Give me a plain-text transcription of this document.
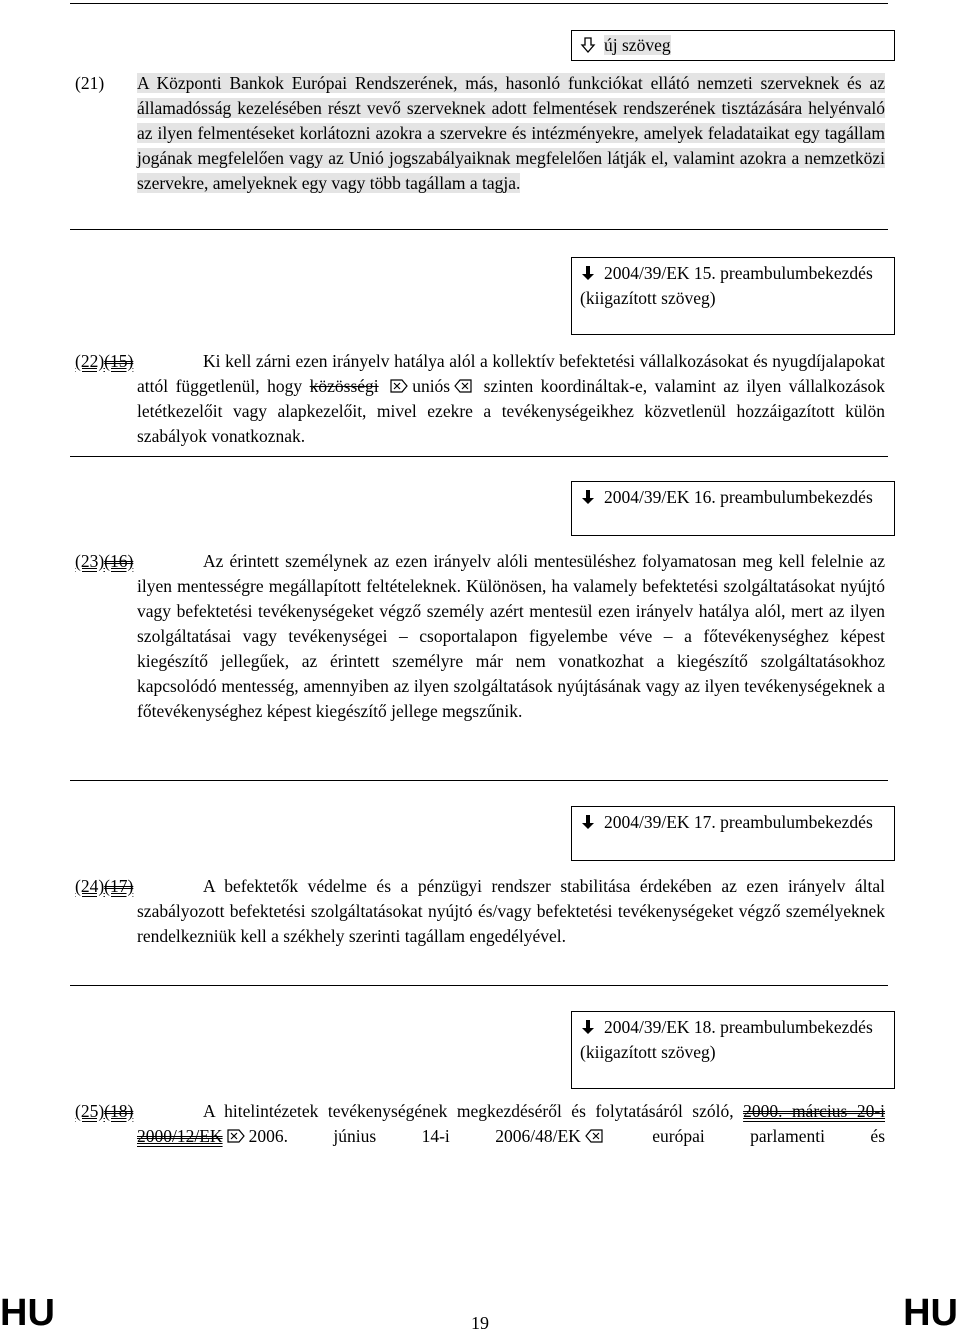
új szöveg
(21) A Központi Bankok Európai Rendszerének, más, hasonló funkciókat ellátó nemzeti szerveknek és az államadósság kezelésében részt vevő szerveknek adott felmentések rendszerének tisztázására helyénvaló az ilyen felmentéseket korlátozni azokra a szervekre és intézményekre, amelyek feladataikat egy tagállam jogának megfelelően vagy az Unió jogszabályaiknak megfelelően látják el, valamint azokra a nemzetközi szervekre, amelyeknek egy vagy több tagállam a tagja.
2004/39/EK 15. preambulumbekezdés (kiigazított szöveg)
(22)(15)	Ki kell zárni ezen irányelv hatálya alól a kollektív befektetési vállalkozásokat és nyugdíjalapokat attól függetlenül, hogy közösségi uniós szinten koordináltak-e, valamint az ilyen vállalkozások letétkezelőit vagy alapkezelőit, mivel ezekre a tevékenységeikhez közvetlenül hozzáigazított külön szabályok vonatkoznak.
2004/39/EK 16. preambulumbekezdés
(23)(16)	Az érintett személynek az ezen irányelv alóli mentesüléshez folyamatosan meg kell felelnie az ilyen mentességre megállapított feltételeknek. Különösen, ha valamely befektetési szolgáltatásokat nyújtó vagy befektetési tevékenységeket végző személy azért mentesül ezen irányelv hatálya alól, mert az ilyen szolgáltatásai vagy tevékenységei – csoportalapon figyelembe véve – a főtevékenységhez képest kiegészítő jellegűek, az érintett személyre már nem vonatkozhat a kiegészítő szolgáltatásokhoz kapcsolódó mentesség, amennyiben az ilyen szolgáltatások nyújtásának vagy az ilyen tevékenységeknek a főtevékenységhez képest kiegészítő jellege megszűnik.
2004/39/EK 17. preambulumbekezdés
(24)(17)	A befektetők védelme és a pénzügyi rendszer stabilitása érdekében az ezen irányelv által szabályozott befektetési szolgáltatásokat nyújtó és/vagy befektetési tevékenységeket végző személyeknek rendelkezniük kell a székhely szerinti tagállam engedélyével.
2004/39/EK 18. preambulumbekezdés (kiigazított szöveg)
(25)(18)	A hitelintézetek tevékenységének megkezdéséről és folytatásáról szóló, 2000. március 20-i 2000/12/EK 2006. június 14-i 2006/48/EK	európai parlamenti és
HU	19	HU
